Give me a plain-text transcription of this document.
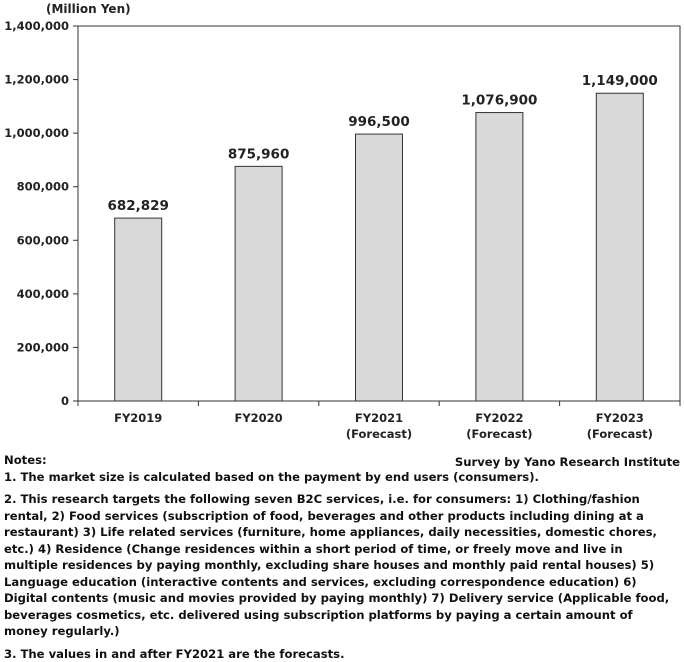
(Million Yen)
0
200,000
400,000
600,000
800,000
1,000,000
1,200,000
1,400,000
682,829
875,960
996,500
1,076,900
1,149,000
FY2019	FY2020	FY2021
(Forecast)
FY2022
(Forecast)
FY2023
(Forecast)
Notes:	Survey by Yano Research Institute

1. The market size is calculated based on the payment by end users (consumers).

2. This research targets the following seven B2C services, i.e. for consumers: 1) Clothing/fashion rental, 2) Food services (subscription of food, beverages and other products including dining at a restaurant) 3) Life related services (furniture, home appliances, daily necessities, domestic chores, etc.) 4) Residence (Change residences within a short period of time, or freely move and live in multiple residences by paying monthly, excluding share houses and monthly paid rental houses) 5) Language education (interactive contents and services, excluding correspondence education) 6) Digital contents (music and movies provided by paying monthly) 7) Delivery service (Applicable food, beverages cosmetics, etc. delivered using subscription platforms by paying a certain amount of money regularly.)

3. The values in and after FY2021 are the forecasts.
